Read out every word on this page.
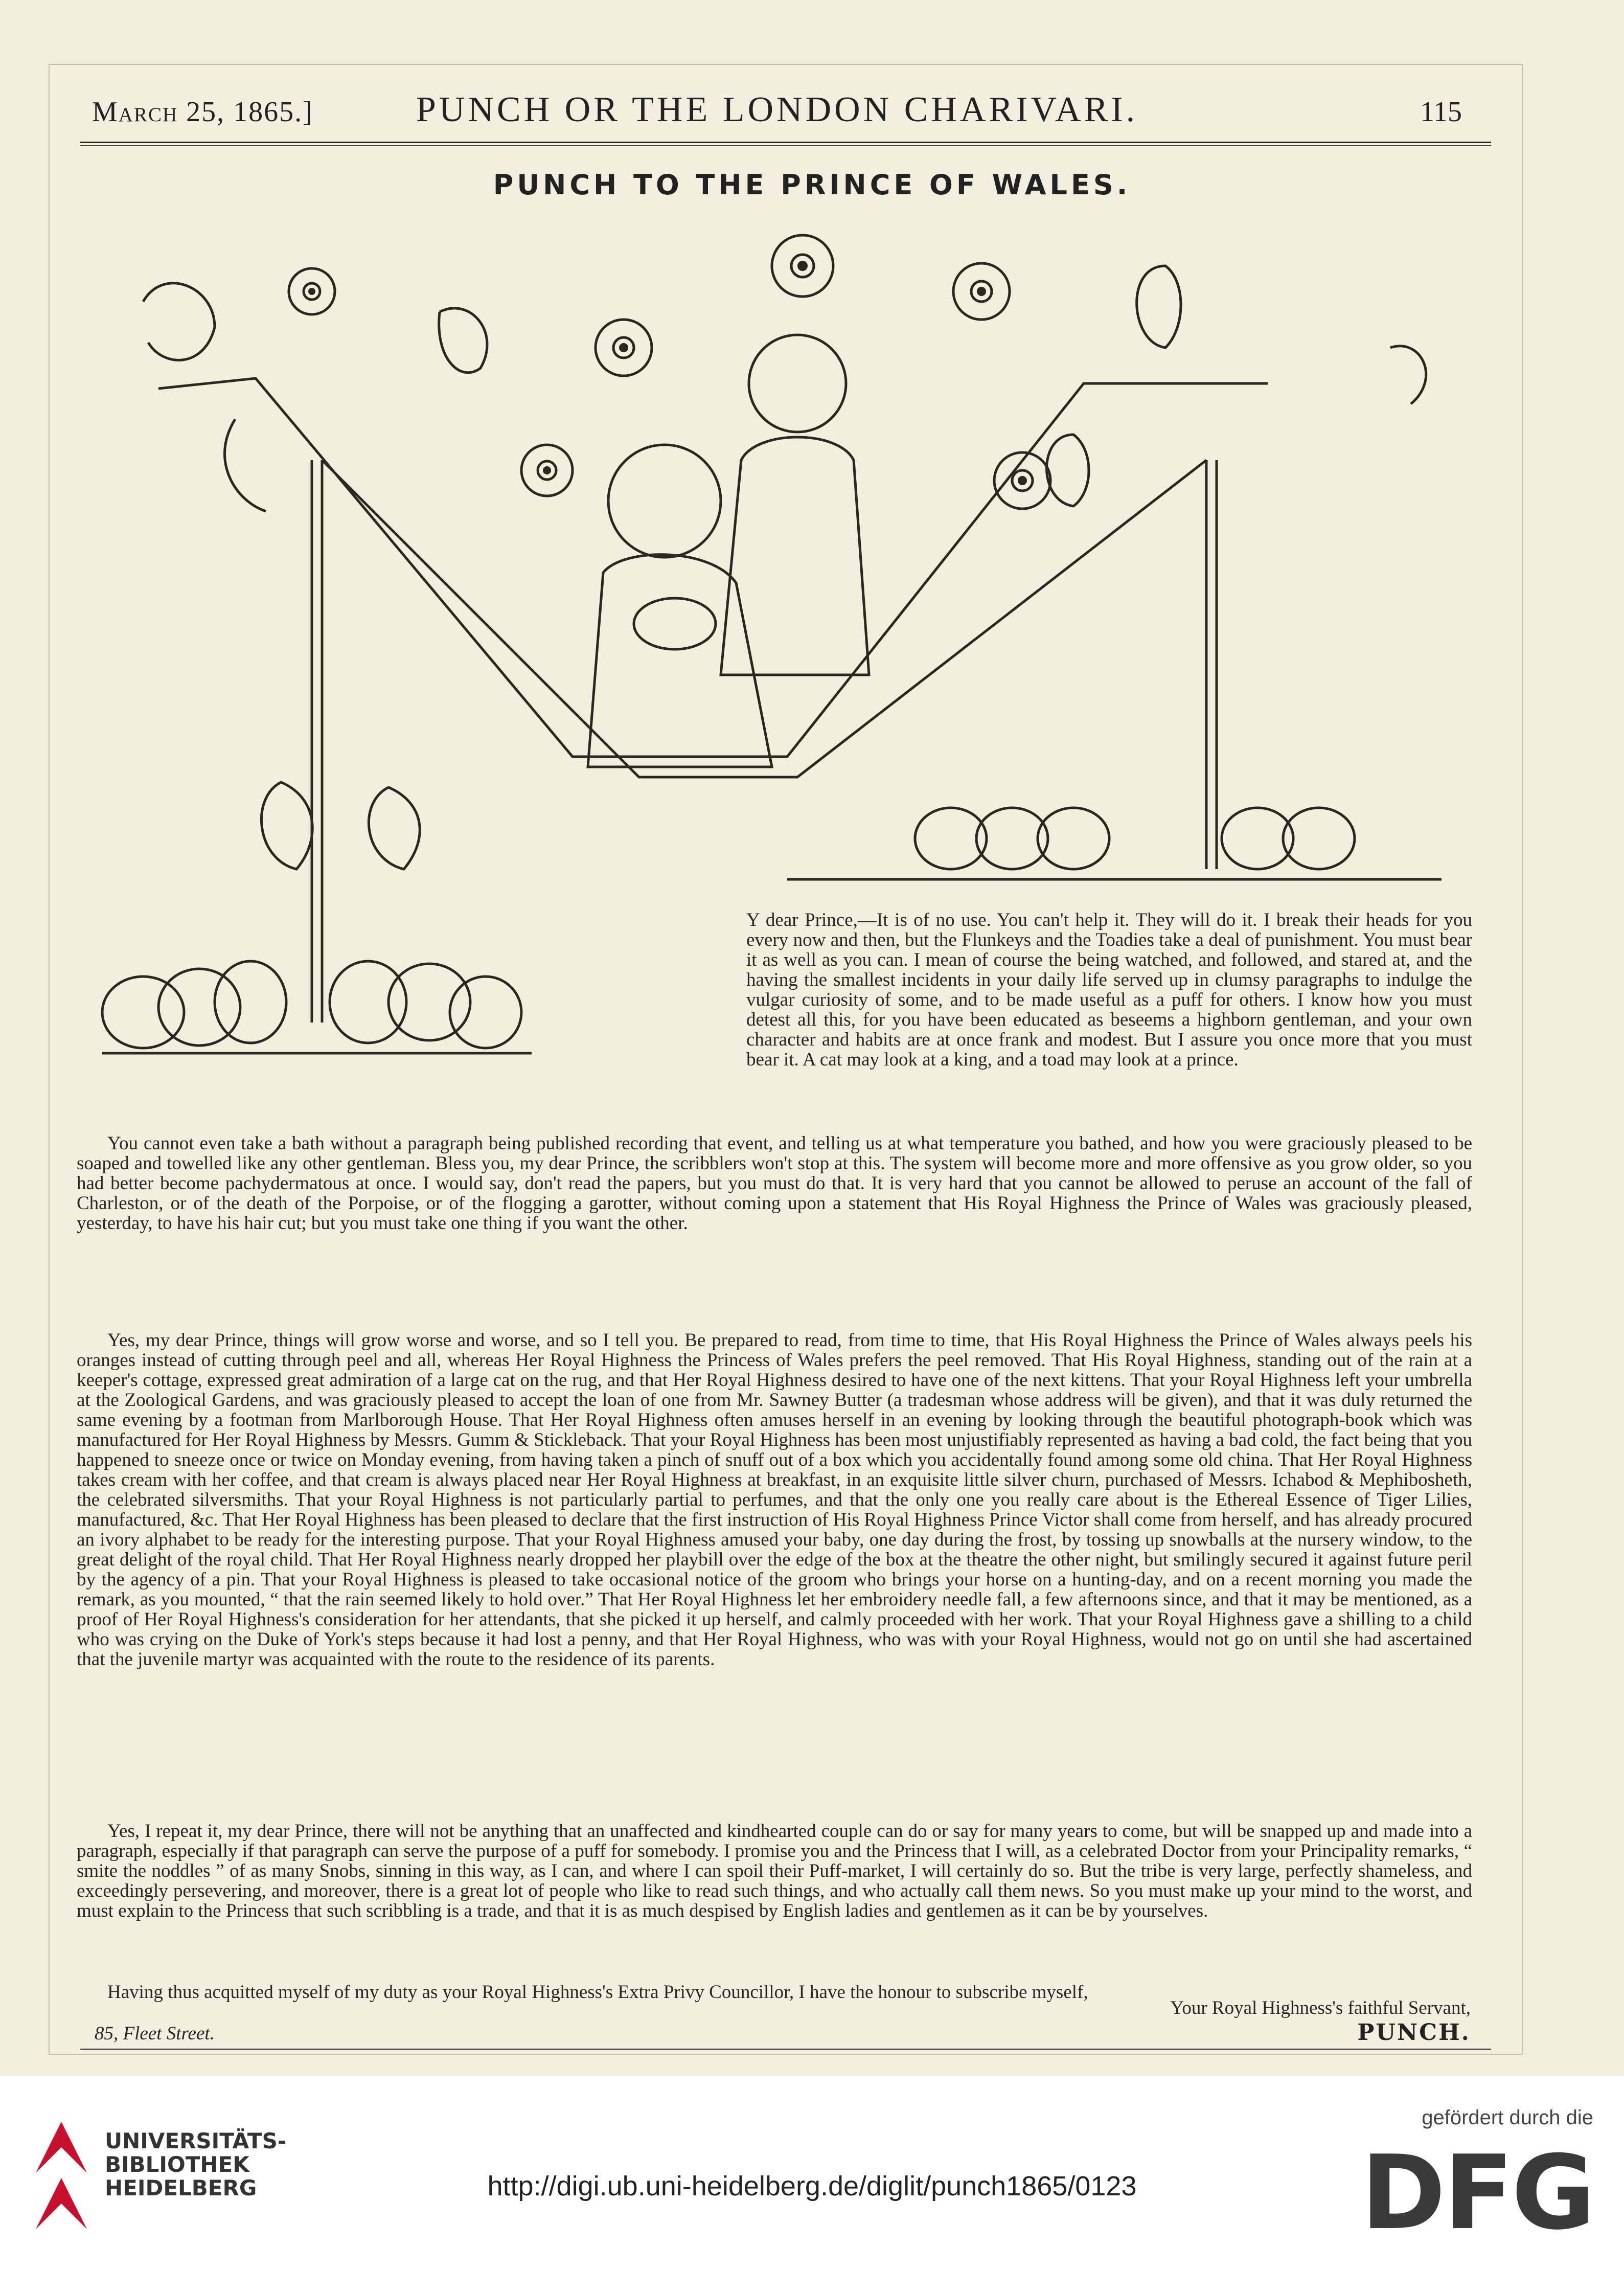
March 25, 1865.]	PUNCH OR THE LONDON CHARIVARI.	115
PUNCH TO THE PRINCE OF WALES.
Y dear Prince,—It is of no use. You can't help it. They will do it. I break their heads for you every now and then, but the Flunkeys and the Toadies take a deal of punishment. You must bear it as well as you can. I mean of course the being watched, and followed, and stared at, and the having the smallest incidents in your daily life served up in clumsy paragraphs to indulge the vulgar curiosity of some, and to be made useful as a puff for others. I know how you must detest all this, for you have been educated as beseems a highborn gentleman, and your own character and habits are at once frank and modest. But I assure you once more that you must bear it. A cat may look at a king, and a toad may look at a prince.

You cannot even take a bath without a paragraph being published recording that event, and telling us at what temperature you bathed, and how you were graciously pleased to be soaped and towelled like any other gentleman. Bless you, my dear Prince, the scribblers won't stop at this. The system will become more and more offensive as you grow older, so you had better become pachydermatous at once. I would say, don't read the papers, but you must do that. It is very hard that you cannot be allowed to peruse an account of the fall of Charleston, or of the death of the Porpoise, or of the flogging a garotter, without coming upon a statement that His Royal Highness the Prince of Wales was graciously pleased, yesterday, to have his hair cut; but you must take one thing if you want the other.

Yes, my dear Prince, things will grow worse and worse, and so I tell you. Be prepared to read, from time to time, that His Royal Highness the Prince of Wales always peels his oranges instead of cutting through peel and all, whereas Her Royal Highness the Princess of Wales prefers the peel removed. That His Royal Highness, standing out of the rain at a keeper's cottage, expressed great admiration of a large cat on the rug, and that Her Royal Highness desired to have one of the next kittens. That your Royal Highness left your umbrella at the Zoological Gardens, and was graciously pleased to accept the loan of one from Mr. Sawney Butter (a tradesman whose address will be given), and that it was duly returned the same evening by a footman from Marlborough House. That Her Royal Highness often amuses herself in an evening by looking through the beautiful photograph-book which was manufactured for Her Royal Highness by Messrs. Gumm & Stickleback. That your Royal Highness has been most unjustifiably represented as having a bad cold, the fact being that you happened to sneeze once or twice on Monday evening, from having taken a pinch of snuff out of a box which you accidentally found among some old china. That Her Royal Highness takes cream with her coffee, and that cream is always placed near Her Royal Highness at breakfast, in an exquisite little silver churn, purchased of Messrs. Ichabod & Mephibosheth, the celebrated silversmiths. That your Royal Highness is not particularly partial to perfumes, and that the only one you really care about is the Ethereal Essence of Tiger Lilies, manufactured, &c. That Her Royal Highness has been pleased to declare that the first instruction of His Royal Highness Prince Victor shall come from herself, and has already procured an ivory alphabet to be ready for the interesting purpose. That your Royal Highness amused your baby, one day during the frost, by tossing up snowballs at the nursery window, to the great delight of the royal child. That Her Royal Highness nearly dropped her playbill over the edge of the box at the theatre the other night, but smilingly secured it against future peril by the agency of a pin. That your Royal Highness is pleased to take occasional notice of the groom who brings your horse on a hunting-day, and on a recent morning you made the remark, as you mounted, “ that the rain seemed likely to hold over.” That Her Royal Highness let her embroidery needle fall, a few afternoons since, and that it may be mentioned, as a proof of Her Royal Highness's consideration for her attendants, that she picked it up herself, and calmly proceeded with her work. That your Royal Highness gave a shilling to a child who was crying on the Duke of York's steps because it had lost a penny, and that Her Royal Highness, who was with your Royal Highness, would not go on until she had ascertained that the juvenile martyr was acquainted with the route to the residence of its parents.

Yes, I repeat it, my dear Prince, there will not be anything that an unaffected and kindhearted couple can do or say for many years to come, but will be snapped up and made into a paragraph, especially if that paragraph can serve the purpose of a puff for somebody. I promise you and the Princess that I will, as a celebrated Doctor from your Principality remarks, “ smite the noddles ” of as many Snobs, sinning in this way, as I can, and where I can spoil their Puff-market, I will certainly do so. But the tribe is very large, perfectly shameless, and exceedingly persevering, and moreover, there is a great lot of people who like to read such things, and who actually call them news. So you must make up your mind to the worst, and must explain to the Princess that such scribbling is a trade, and that it is as much despised by English ladies and gentlemen as it can be by yourselves.

Having thus acquitted myself of my duty as your Royal Highness's Extra Privy Councillor, I have the honour to subscribe myself,

Your Royal Highness's faithful Servant,
85, Fleet Street.	PUNCH.
UNIVERSITÄTS-
BIBLIOTHEK
HEIDELBERG	http://digi.ub.uni-heidelberg.de/diglit/punch1865/0123
gefördert durch die
DFG
